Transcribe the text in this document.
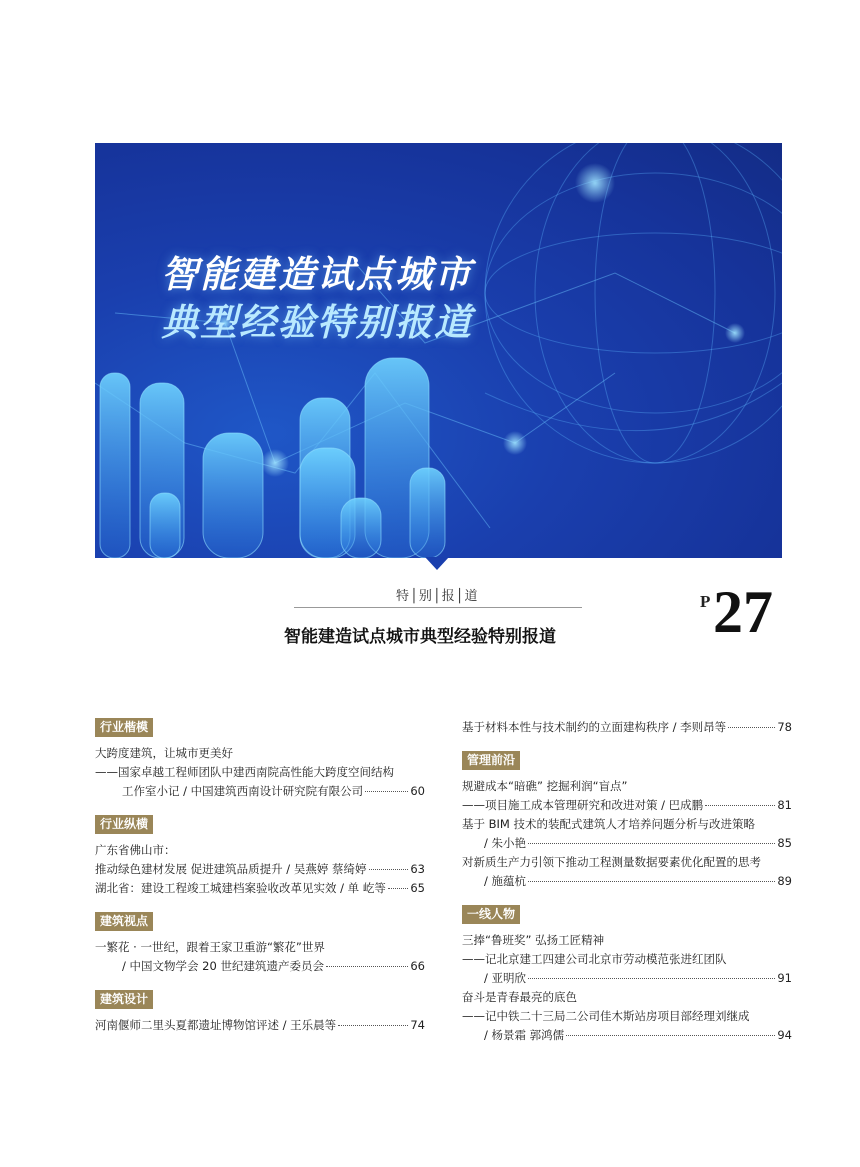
智能建造试点城市
典型经验特别报道
特│别│报│道
智能建造试点城市典型经验特别报道
P 27
行业楷模
大跨度建筑，让城市更美好
——国家卓越工程师团队中建西南院高性能大跨度空间结构
工作室小记 / 中国建筑西南设计研究院有限公司	60
行业纵横
广东省佛山市：
推动绿色建材发展 促进建筑品质提升 / 吴燕婷 蔡绮婷	63
湖北省：建设工程竣工城建档案验收改革见实效 / 单 屹等 65
建筑视点
一繁花 · 一世纪，跟着王家卫重游“繁花”世界
/ 中国文物学会 20 世纪建筑遗产委员会	66
建筑设计
河南偃师二里头夏都遗址博物馆评述 / 王乐晨等	74
基于材料本性与技术制约的立面建构秩序 / 李则昂等	78
管理前沿
规避成本“暗礁” 挖掘利润“盲点”
——项目施工成本管理研究和改进对策 / 巴成鹏	81
基于 BIM 技术的装配式建筑人才培养问题分析与改进策略
/ 朱小艳	85
对新质生产力引领下推动工程测量数据要素优化配置的思考
/ 施蕴杭	89
一线人物
三捧“鲁班奖” 弘扬工匠精神
——记北京建工四建公司北京市劳动模范张进红团队
/ 亚明欣	91
奋斗是青春最亮的底色
——记中铁二十三局二公司佳木斯站房项目部经理刘继成
/ 杨景霜 郭鸿儒	94
